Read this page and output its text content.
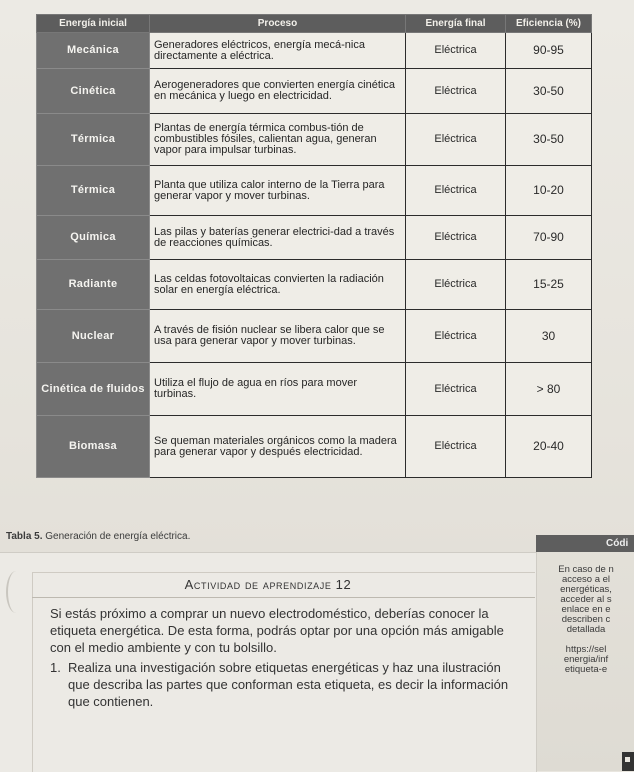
Energía inicial	Proceso	Energía final	Eficiencia (%)
Mecánica	Generadores eléctricos, energía mecá-nica directamente a eléctrica.	Eléctrica	90-95
Cinética	Aerogeneradores que convierten energía cinética en mecánica y luego en electricidad.	Eléctrica	30-50
Térmica	Plantas de energía térmica combus-tión de combustibles fósiles, calientan agua, generan vapor para impulsar turbinas.	Eléctrica	30-50
Térmica	Planta que utiliza calor interno de la Tierra para generar vapor y mover turbinas.	Eléctrica	10-20
Química	Las pilas y baterías generar electrici-dad a través de reacciones químicas.	Eléctrica	70-90
Radiante	Las celdas fotovoltaicas convierten la radiación solar en energía eléctrica.	Eléctrica	15-25
Nuclear	A través de fisión nuclear se libera calor que se usa para generar vapor y mover turbinas.	Eléctrica	30
Cinética de fluidos	Utiliza el flujo de agua en ríos para mover turbinas.	Eléctrica	> 80
Biomasa	Se queman materiales orgánicos como la madera para generar vapor y después electricidad.	Eléctrica	20-40
Tabla 5. Generación de energía eléctrica.
Códi
Actividad de aprendizaje 12
Si estás próximo a comprar un nuevo electrodoméstico, deberías conocer la etiqueta energética. De esta forma, podrás optar por una opción más amigable con el medio ambiente y con tu bolsillo.
1. Realiza una investigación sobre etiquetas energéticas y haz una ilustración que describa las partes que conforman esta etiqueta, es decir la información que contienen.
En caso de n
acceso a el
energéticas,
acceder al s
enlace en e
describen c
detallada
https://sel
energia/inf
etiqueta-e
